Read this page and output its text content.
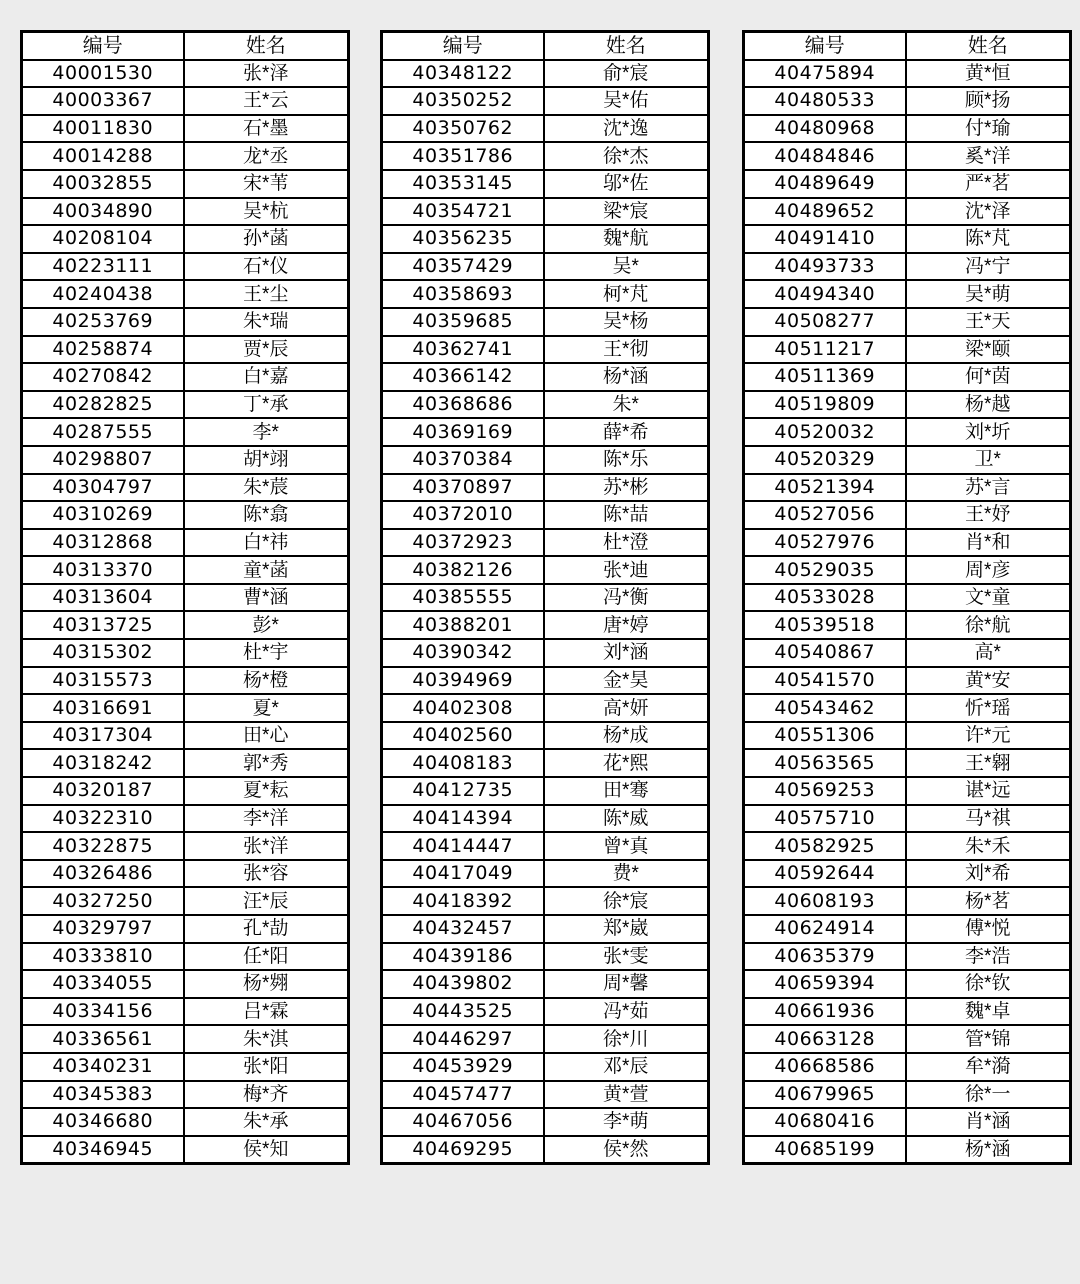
编号	姓名
40001530	张*泽
40003367	王*云
40011830	石*墨
40014288	龙*丞
40032855	宋*苇
40034890	吴*杭
40208104	孙*菡
40223111	石*仪
40240438	王*尘
40253769	朱*瑞
40258874	贾*辰
40270842	白*嘉
40282825	丁*承
40287555	李*
40298807	胡*翊
40304797	朱*莀
40310269	陈*翕
40312868	白*祎
40313370	童*菡
40313604	曹*涵
40313725	彭*
40315302	杜*宇
40315573	杨*橙
40316691	夏*
40317304	田*心
40318242	郭*秀
40320187	夏*耘
40322310	李*洋
40322875	张*洋
40326486	张*容
40327250	汪*辰
40329797	孔*劼
40333810	任*阳
40334055	杨*翙
40334156	吕*霖
40336561	朱*淇
40340231	张*阳
40345383	梅*齐
40346680	朱*承
40346945	侯*知
编号	姓名
40348122	俞*宸
40350252	吴*佑
40350762	沈*逸
40351786	徐*杰
40353145	邬*佐
40354721	梁*宸
40356235	魏*航
40357429	吴*
40358693	柯*芃
40359685	吴*杨
40362741	王*彻
40366142	杨*涵
40368686	朱*
40369169	薛*希
40370384	陈*乐
40370897	苏*彬
40372010	陈*喆
40372923	杜*澄
40382126	张*迪
40385555	冯*衡
40388201	唐*婷
40390342	刘*涵
40394969	金*昊
40402308	高*妍
40402560	杨*成
40408183	花*熙
40412735	田*骞
40414394	陈*威
40414447	曾*真
40417049	费*
40418392	徐*宸
40432457	郑*崴
40439186	张*雯
40439802	周*馨
40443525	冯*茹
40446297	徐*川
40453929	邓*辰
40457477	黄*萱
40467056	李*萌
40469295	侯*然
编号	姓名
40475894	黄*恒
40480533	顾*扬
40480968	付*瑜
40484846	奚*洋
40489649	严*茗
40489652	沈*泽
40491410	陈*芃
40493733	冯*宁
40494340	吴*萌
40508277	王*天
40511217	梁*颐
40511369	何*茵
40519809	杨*越
40520032	刘*圻
40520329	卫*
40521394	苏*言
40527056	王*妤
40527976	肖*和
40529035	周*彦
40533028	文*童
40539518	徐*航
40540867	高*
40541570	黄*安
40543462	忻*瑶
40551306	许*元
40563565	王*翱
40569253	谌*远
40575710	马*祺
40582925	朱*禾
40592644	刘*希
40608193	杨*茗
40624914	傅*悦
40635379	李*浩
40659394	徐*钦
40661936	魏*卓
40663128	管*锦
40668586	牟*漪
40679965	徐*一
40680416	肖*涵
40685199	杨*涵
